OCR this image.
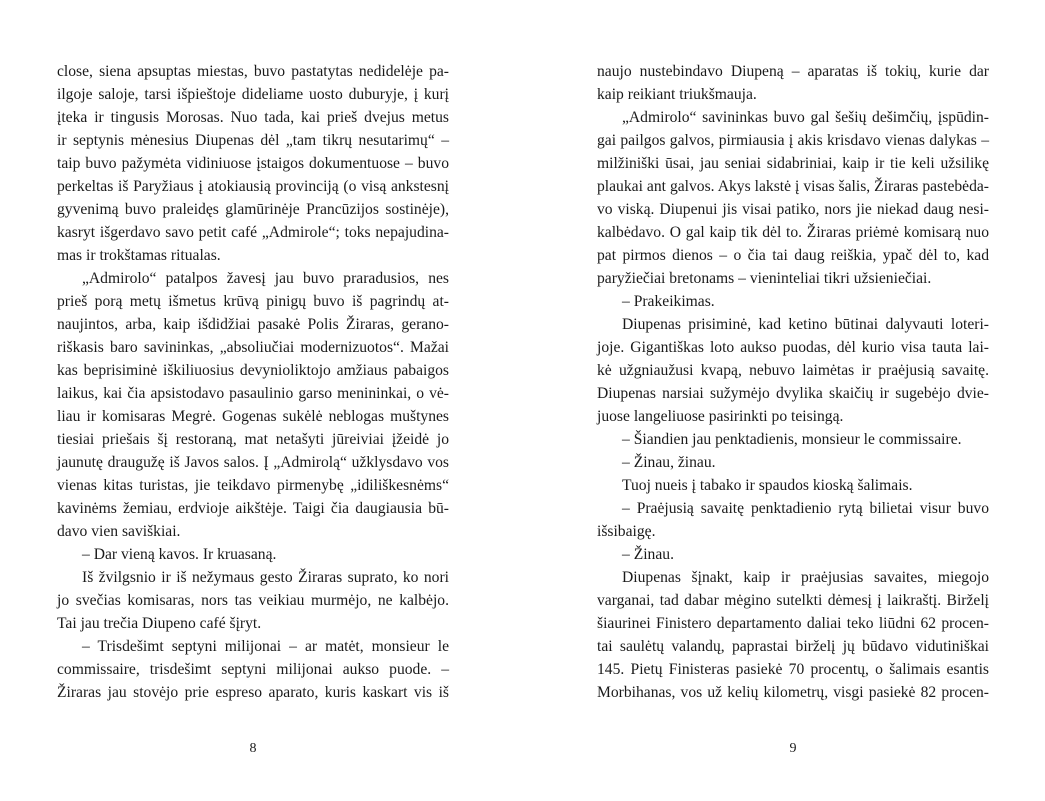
close, siena apsuptas miestas, buvo pastatytas nedidelėje pa-
ilgoje saloje, tarsi išpieštoje dideliame uosto duburyje, į kurį
įteka ir tingusis Morosas. Nuo tada, kai prieš dvejus metus
ir septynis mėnesius Diupenas dėl „tam tikrų nesutarimų“ –
taip buvo pažymėta vidiniuose įstaigos dokumentuose – buvo
perkeltas iš Paryžiaus į atokiausią provinciją (o visą ankstesnį
gyvenimą buvo praleidęs glamūrinėje Prancūzijos sostinėje),
kasryt išgerdavo savo petit café „Admirole“; toks nepajudina-
mas ir trokštamas ritualas.
„Admirolo“ patalpos žavesį jau buvo praradusios, nes
prieš porą metų išmetus krūvą pinigų buvo iš pagrindų at-
naujintos, arba, kaip išdidžiai pasakė Polis Žiraras, gerano-
riškasis baro savininkas, „absoliučiai modernizuotos“. Mažai
kas beprisiminė iškiliuosius devynioliktojo amžiaus pabaigos
laikus, kai čia apsistodavo pasaulinio garso menininkai, o vė-
liau ir komisaras Megrė. Gogenas sukėlė neblogas muštynes
tiesiai priešais šį restoraną, mat netašyti jūreiviai įžeidė jo
jaunutę draugužę iš Javos salos. Į „Admirolą“ užklysdavo vos
vienas kitas turistas, jie teikdavo pirmenybę „idiliškesnėms“
kavinėms žemiau, erdvioje aikštėje. Taigi čia daugiausia bū-
davo vien saviškiai.
– Dar vieną kavos. Ir kruasaną.
Iš žvilgsnio ir iš nežymaus gesto Žiraras suprato, ko nori
jo svečias komisaras, nors tas veikiau murmėjo, ne kalbėjo.
Tai jau trečia Diupeno café šįryt.
– Trisdešimt septyni milijonai – ar matėt, monsieur le
commissaire, trisdešimt septyni milijonai aukso puode. –
Žiraras jau stovėjo prie espreso aparato, kuris kaskart vis iš
8
naujo nustebindavo Diupeną – aparatas iš tokių, kurie dar
kaip reikiant triukšmauja.
„Admirolo“ savininkas buvo gal šešių dešimčių, įspūdin-
gai pailgos galvos, pirmiausia į akis krisdavo vienas dalykas –
milžiniški ūsai, jau seniai sidabriniai, kaip ir tie keli užsilikę
plaukai ant galvos. Akys lakstė į visas šalis, Žiraras pastebėda-
vo viską. Diupenui jis visai patiko, nors jie niekad daug nesi-
kalbėdavo. O gal kaip tik dėl to. Žiraras priėmė komisarą nuo
pat pirmos dienos – o čia tai daug reiškia, ypač dėl to, kad
paryžiečiai bretonams – vieninteliai tikri užsieniečiai.
– Prakeikimas.
Diupenas prisiminė, kad ketino būtinai dalyvauti loteri-
joje. Gigantiškas loto aukso puodas, dėl kurio visa tauta lai-
kė užgniaužusi kvapą, nebuvo laimėtas ir praėjusią savaitę.
Diupenas narsiai sužymėjo dvylika skaičių ir sugebėjo dvie-
juose langeliuose pasirinkti po teisingą.
– Šiandien jau penktadienis, monsieur le commissaire.
– Žinau, žinau.
Tuoj nueis į tabako ir spaudos kioską šalimais.
– Praėjusią savaitę penktadienio rytą bilietai visur buvo
išsibaigę.
– Žinau.
Diupenas šįnakt, kaip ir praėjusias savaites, miegojo
varganai, tad dabar mėgino sutelkti dėmesį į laikraštį. Birželį
šiaurinei Finistero departamento daliai teko liūdni 62 procen-
tai saulėtų valandų, paprastai birželį jų būdavo vidutiniškai
145. Pietų Finisteras pasiekė 70 procentų, o šalimais esantis
Morbihanas, vos už kelių kilometrų, visgi pasiekė 82 procen-
9
